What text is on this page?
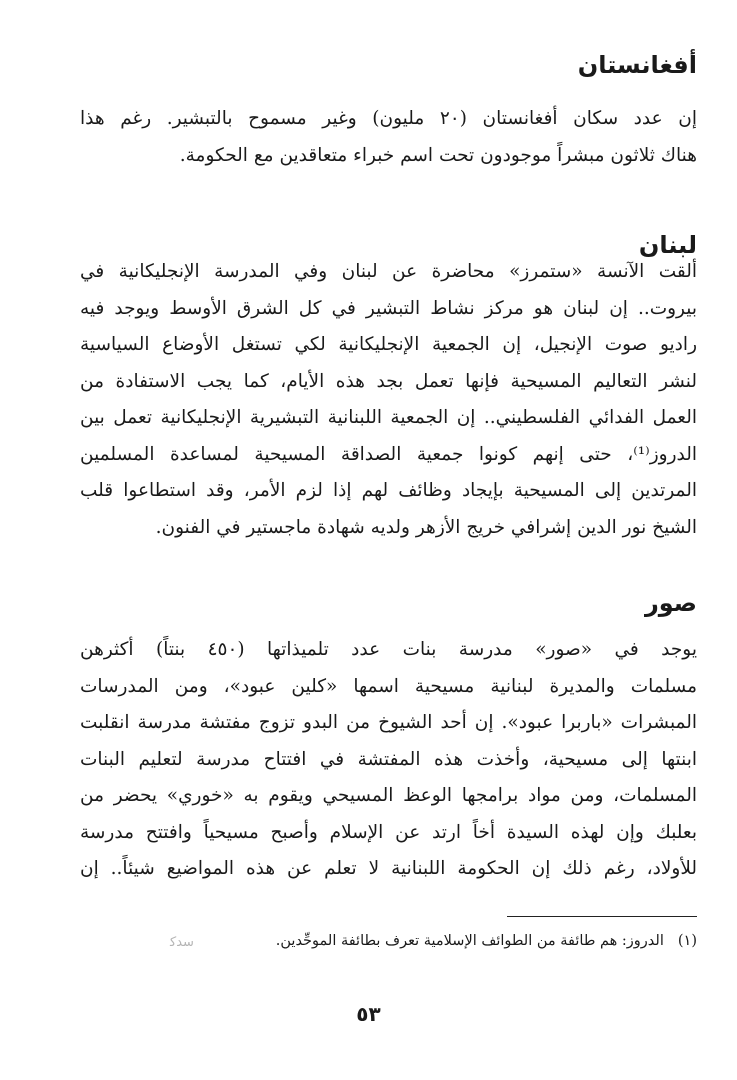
أفغانستان
إن عدد سكان أفغانستان (٢٠ مليون) وغير مسموح بالتبشير. رغم هذا
هناك ثلاثون مبشراً موجودون تحت اسم خبراء متعاقدين مع الحكومة.
لبنان
ألقت الآنسة «ستمرز» محاضرة عن لبنان وفي المدرسة الإنجليكانية في
بيروت.. إن لبنان هو مركز نشاط التبشير في كل الشرق الأوسط ويوجد فيه
راديو صوت الإنجيل، إن الجمعية الإنجليكانية لكي تستغل الأوضاع السياسية
لنشر التعاليم المسيحية فإنها تعمل بجد هذه الأيام، كما يجب الاستفادة من
العمل الفدائي الفلسطيني.. إن الجمعية اللبنانية التبشيرية الإنجليكانية تعمل بين
الدروز⁽¹⁾، حتى إنهم كونوا جمعية الصداقة المسيحية لمساعدة المسلمين
المرتدين إلى المسيحية بإيجاد وظائف لهم إذا لزم الأمر، وقد استطاعوا قلب
الشيخ نور الدين إشرافي خريج الأزهر ولديه شهادة ماجستير في الفنون.
صور
يوجد في «صور» مدرسة بنات عدد تلميذاتها (٤٥٠ بنتاً) أكثرهن
مسلمات والمديرة لبنانية مسيحية اسمها «كلين عبود»، ومن المدرسات
المبشرات «باربرا عبود». إن أحد الشيوخ من البدو تزوج مفتشة مدرسة انقلبت
ابنتها إلى مسيحية، وأخذت هذه المفتشة في افتتاح مدرسة لتعليم البنات
المسلمات، ومن مواد برامجها الوعظ المسيحي ويقوم به «خوري» يحضر من
بعلبك وإن لهذه السيدة أخاً ارتد عن الإسلام وأصبح مسيحياً وافتتح مدرسة
للأولاد، رغم ذلك إن الحكومة اللبنانية لا تعلم عن هذه المواضيع شيئاً.. إن

(١)الدروز: هم طائفة من الطوائف الإسلامية تعرف بطائفة الموحِّدين.

ﺳﺪﻛ
٥٣
